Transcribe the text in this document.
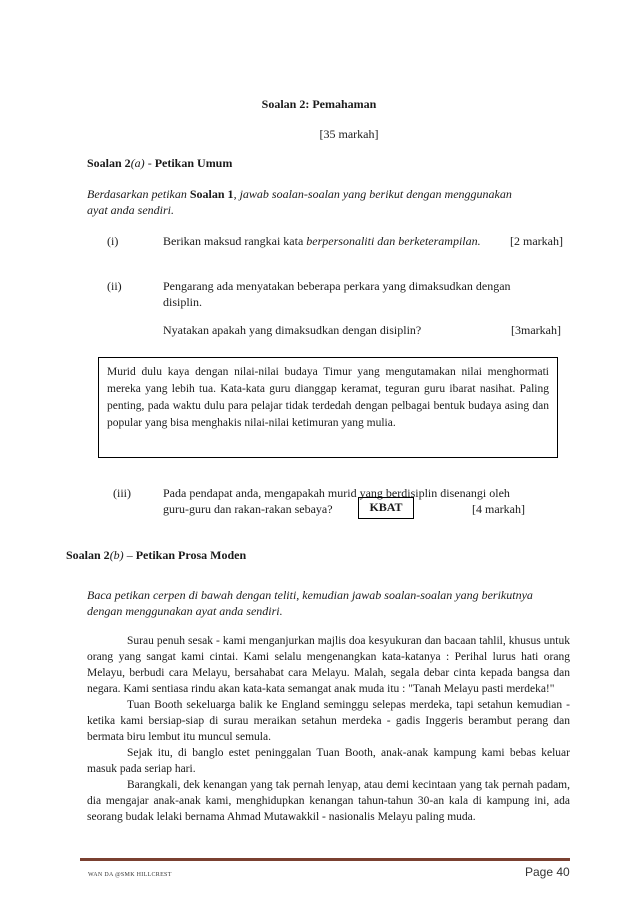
Soalan 2: Pemahaman
[35 markah]
Soalan 2(a) - Petikan Umum
Berdasarkan petikan Soalan 1, jawab soalan-soalan yang berikut dengan menggunakan
ayat anda sendiri.
(i)	Berikan maksud rangkai kata berpersonaliti dan berketerampilan. [2 markah]
(ii)	Pengarang ada menyatakan beberapa perkara yang dimaksudkan dengan
disiplin.
Nyatakan apakah yang dimaksudkan dengan disiplin?	[3markah]
Murid dulu kaya dengan nilai-nilai budaya Timur yang mengutamakan nilai menghormati mereka yang lebih tua. Kata-kata guru dianggap keramat, teguran guru ibarat nasihat. Paling penting, pada waktu dulu para pelajar tidak terdedah dengan pelbagai bentuk budaya asing dan popular yang bisa menghakis nilai-nilai ketimuran yang mulia.
(iii)	Pada pendapat anda, mengapakah murid yang berdisiplin disenangi oleh
guru-guru dan rakan-rakan sebaya?	KBAT	[4 markah]
Soalan 2(b) – Petikan Prosa Moden
Baca petikan cerpen di bawah dengan teliti, kemudian jawab soalan-soalan yang berikutnya
dengan menggunakan ayat anda sendiri.

Surau penuh sesak - kami menganjurkan majlis doa kesyukuran dan bacaan tahlil, khusus untuk orang yang sangat kami cintai. Kami selalu mengenangkan kata-katanya : Perihal lurus hati orang Melayu, berbudi cara Melayu, bersahabat cara Melayu. Malah, segala debar cinta kepada bangsa dan negara. Kami sentiasa rindu akan kata-kata semangat anak muda itu : "Tanah Melayu pasti merdeka!"

Tuan Booth sekeluarga balik ke England seminggu selepas merdeka, tapi setahun kemudian - ketika kami bersiap-siap di surau meraikan setahun merdeka - gadis Inggeris berambut perang dan bermata biru lembut itu muncul semula.

Sejak itu, di banglo estet peninggalan Tuan Booth, anak-anak kampung kami bebas keluar masuk pada seriap hari.

Barangkali, dek kenangan yang tak pernah lenyap, atau demi kecintaan yang tak pernah padam, dia mengajar anak-anak kami, menghidupkan kenangan tahun-tahun 30-an kala di kampung ini, ada seorang budak lelaki bernama Ahmad Mutawakkil - nasionalis Melayu paling muda.

WAN DA @SMK HILLCREST	Page 40
